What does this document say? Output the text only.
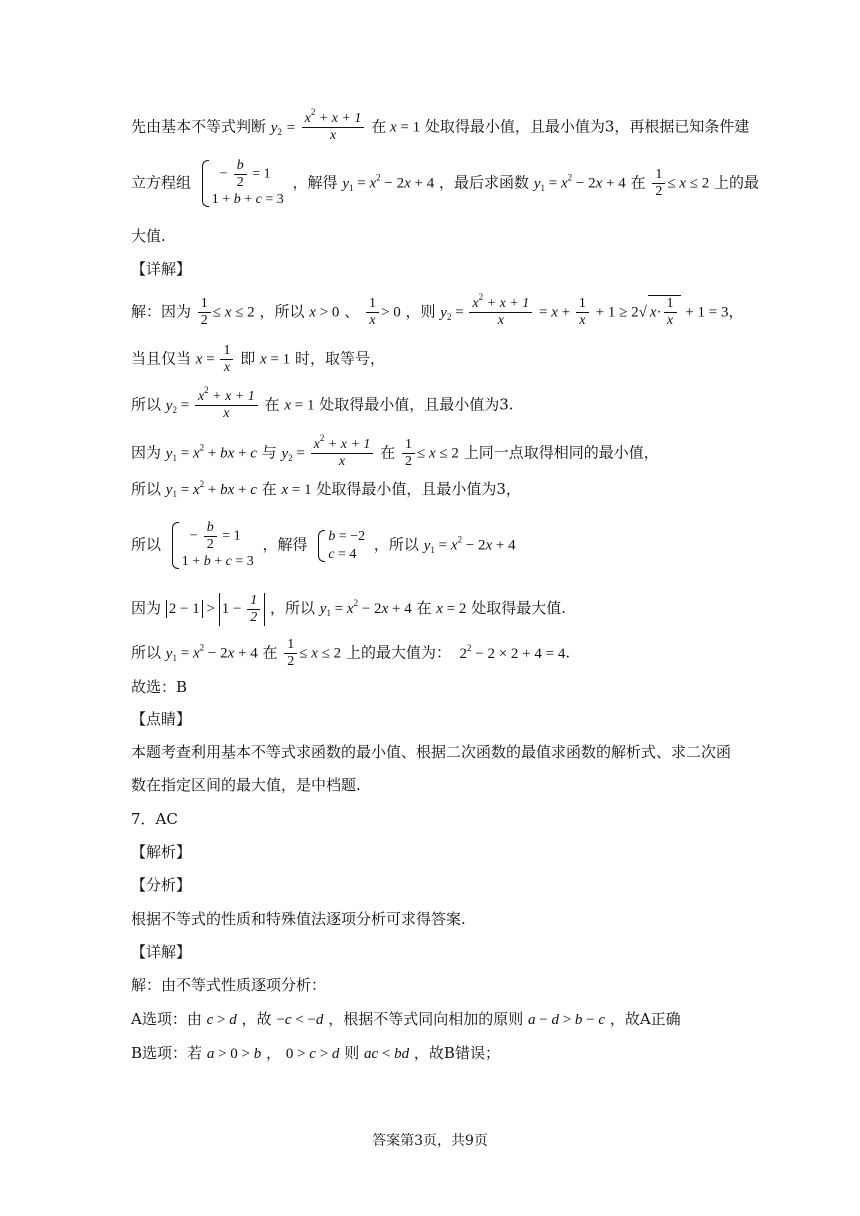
先由基本不等式判断 $y_2 = \frac{x^2 + x + 1}{x}$ 在 x = 1 处取得最小值，且最小值为3，再根据已知条件建
立方程组 − $\frac{b}{2} = 1$
1 + b + c = 3
，解得 $y_1 = x^2 - 2x + 4$ ，最后求函数 $y_1 = x^2 - 2x + 4$ 在 $\frac{1}{2} \le x \le 2$ 上的最
大值.
【详解】
解：因为 $\frac{1}{2} \le x \le 2$ ，所以 x > 0 、 $\frac{1}{x} > 0$ ，则 $y_2 = \frac{x^2 + x + 1}{x} = x + \frac{1}{x} + 1 \ge 2√$ $x\cdot \frac{1}{x} + 1 = 3$，
当且仅当 $x = \frac{1}{x}$ 即 x = 1 时，取等号，
所以 $y_2 = \frac{x^2 + x + 1}{x}$ 在 x = 1 处取得最小值，且最小值为3.
因为 $y_1 = x^2$ + bx + c 与 $y_2 = \frac{x^2 + x + 1}{x}$ 在 $\frac{1}{2} \le x \le 2$ 上同一点取得相同的最小值，
所以 $y_1 = x^2$ + bx + c 在 x = 1 处取得最小值，且最小值为3，
所以 − $\frac{b}{2} = 1$
1 + b + c = 3
，解得 b = −2
c = 4
，所以 $y_1 = x^2 - 2x + 4$
因为 $2 - 1 > 1 - \frac{1}{2}$ ，所以 $y_1 = x^2 - 2x + 4$ 在 x = 2 处取得最大值.
所以 $y_1 = x^2 - 2x + 4$ 在 $\frac{1}{2} \le x \le 2$ 上的最大值为：  $2^2 - 2 \times 2 + 4 = 4$.
故选：B
【点睛】
本题考查利用基本不等式求函数的最小值、根据二次函数的最值求函数的解析式、求二次函
数在指定区间的最大值，是中档题.
7．AC
【解析】
【分析】
根据不等式的性质和特殊值法逐项分析可求得答案.
【详解】
解：由不等式性质逐项分析：
A选项：由 c > d ，故 −c < −d ，根据不等式同向相加的原则 a − d > b − c ，故A正确
B选项：若 a > 0 > b ， 0 > c > d 则 ac < bd ，故B错误；
答案第3页，共9页
